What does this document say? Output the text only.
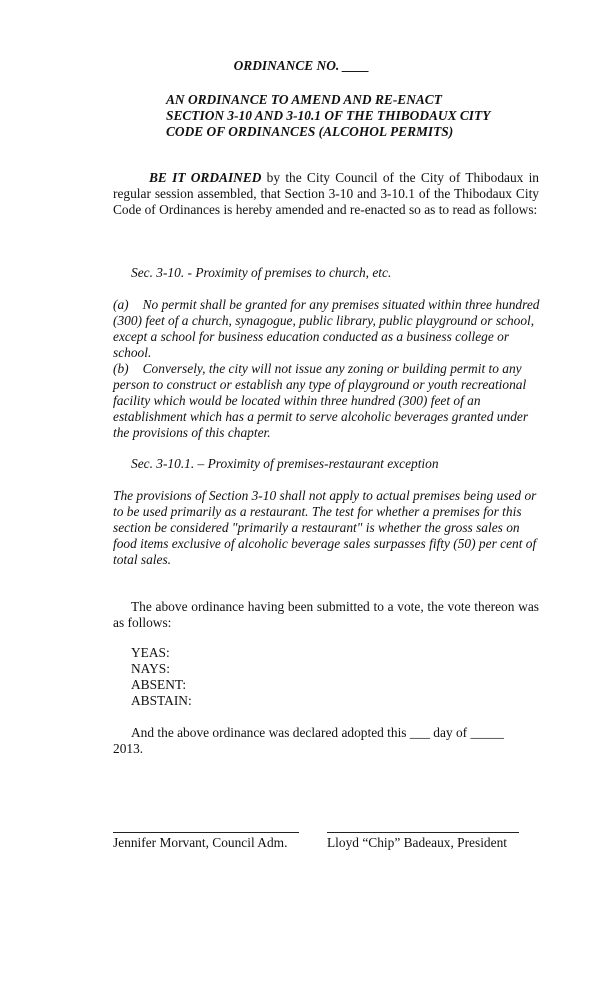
ORDINANCE NO. ____
AN ORDINANCE TO AMEND AND RE-ENACT
SECTION 3-10 AND 3-10.1 OF THE THIBODAUX CITY
CODE OF ORDINANCES (ALCOHOL PERMITS)
BE IT ORDAINED by the City Council of the City of Thibodaux in regular session assembled, that Section 3-10 and 3-10.1 of the Thibodaux City Code of Ordinances is hereby amended and re-enacted so as to read as follows:
Sec. 3-10. - Proximity of premises to church, etc.
(a) No permit shall be granted for any premises situated within three hundred (300) feet of a church, synagogue, public library, public playground or school, except a school for business education conducted as a business college or school.
(b) Conversely, the city will not issue any zoning or building permit to any person to construct or establish any type of playground or youth recreational facility which would be located within three hundred (300) feet of an establishment which has a permit to serve alcoholic beverages granted under the provisions of this chapter.
Sec. 3-10.1. – Proximity of premises-restaurant exception
The provisions of Section 3-10 shall not apply to actual premises being used or to be used primarily as a restaurant. The test for whether a premises for this section be considered "primarily a restaurant" is whether the gross sales on food items exclusive of alcoholic beverage sales surpasses fifty (50) per cent of total sales.
The above ordinance having been submitted to a vote, the vote thereon was as follows:
YEAS:
NAYS:
ABSENT:
ABSTAIN:
And the above ordinance was declared adopted this ___ day of _____
2013.
Jennifer Morvant, Council Adm.	Lloyd “Chip” Badeaux, President
